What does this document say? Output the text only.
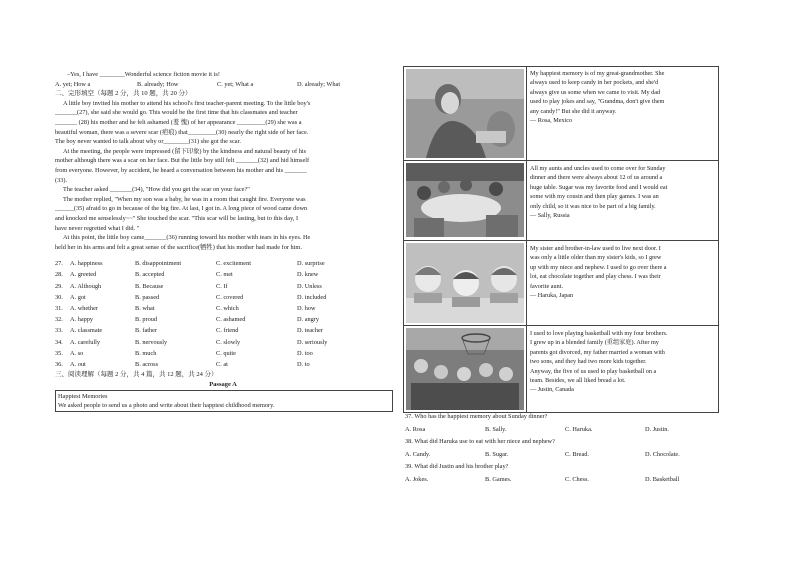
–Yes, I have ________Wonderful science fiction movie it is!
A. yet; How a	B. already; How	C. yet; What a	D. already; What
二、完形填空（每题 2 分，共 10 题，共 20 分）
A little boy invited his mother to attend his school's first teacher-parent meeting. To the little boy's
_______(27), she said she would go. This would be the first time that his classmates and teacher
_______ (28) his mother and he felt ashamed (羞 愧) of her appearance _________(29) she was a
beautiful woman, there was a severe scar (疤痕) that_________(30) nearly the right side of her face.
The boy never wanted to talk about why or________(31) she got the scar.
At the meeting, the people were impressed (留下印象) by the kindness and natural beauty of his
mother although there was a scar on her face. But the little boy still felt _______(32) and hid himself
from everyone. However, by accident, he heard a conversation between his mother and his _______
(33).
The teacher asked _______(34), "How did you get the scar on your face?"
The mother replied, "When my son was a baby, he was in a room that caught fire. Everyone was
______(35) afraid to go in because of the big fire. At last, I got in. A long piece of wood came down
and knocked me senselessly~~" She touched the scar. "This scar will be lasting, but to this day, I
have never regretted what I did. "
At this point, the little boy came_______(36) running toward his mother with tears in his eyes. He
held her in his arms and felt a great sense of the sacrifice(牺牲) that his mother had made for him.
27. A. happiness	B. disappointment	C. excitement	D. surprise
28. A. greeted	B. accepted	C. met	D. knew
29. A. Although	B. Because	C. If	D. Unless
30. A. got	B. passed	C. covered	D. included
31. A. whether	B. what	C. which	D. how
32. A. happy	B. proud	C. ashamed	D. angry
33. A. classmate	B. father	C. friend	D. teacher
34. A. carefully	B. nervously	C. slowly	D. seriously
35. A. so	B. much	C. quite	D. too
36. A. out	B. across	C. at	D. to
三、阅读理解（每题 2 分，共 4 篇，共 12 题，共 24 分）
Passage A
Happiest Memories
We asked people to send us a photo and write about their happiest childhood memory.
My happiest memory is of my great-grandmother. She
always used to keep candy in her pockets, and she'd
always give us some when we came to visit. My dad
used to play jokes and say, "Grandma, don't give them
any candy!" But she did it anyway.
— Rosa, Mexico
All my aunts and uncles used to come over for Sunday
dinner and there were always about 12 of us around a
huge table. Sugar was my favorite food and I would eat
some with my cousin and then play games. I was an
only child, so it was nice to be part of a big family.
— Sally, Russia
My sister and brother-in-law used to live next door. I
was only a little older than my sister's kids, so I grew
up with my niece and nephew. I used to go over there a
lot, eat chocolate together and play chess. I was their
favorite aunt.
— Haruka, Japan
I used to love playing basketball with my four brothers.
I grew up in a blended family (重组家庭). After my
parents got divorced, my father married a woman with
two sons, and they had two more kids together.
Anyway, the five of us used to play basketball on a
team. Besides, we all liked bread a lot.
— Justin, Canada
37. Who has the happiest memory about Sunday dinner?
A. Rosa	B. Sally.	C. Haruka.	D. Justin.
38. What did Haruka use to eat with her niece and nephew?
A. Candy.	B. Sugar.	C. Bread.	D. Chocolate.
39. What did Justin and his brother play?
A. Jokes.	B. Games.	C. Chess.	D. Basketball
